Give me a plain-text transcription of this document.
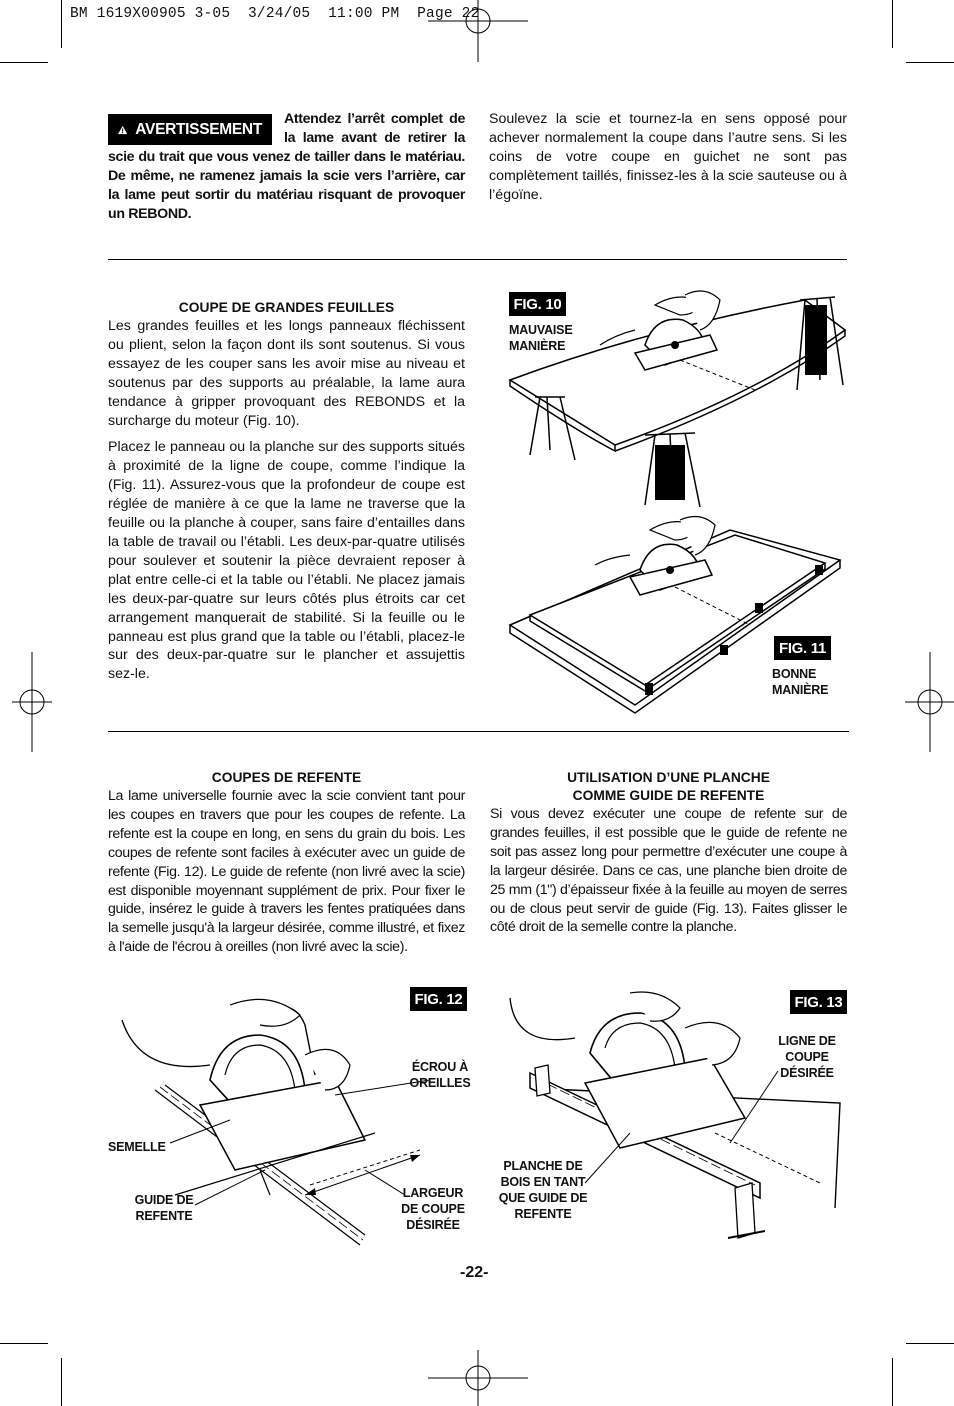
BM 1619X00905 3-05  3/24/05  11:00 PM  Page 22
AVERTISSEMENT

Attendez l’arrêt complet de la lame avant de retirer la scie du trait que vous venez de tailler dans le matériau. De même, ne ramenez jamais la scie vers l’arrière, car la lame peut sortir du matériau risquant de provoquer un REBOND.

Soulevez la scie et tournez-la en sens opposé pour achever normalement la coupe dans l’autre sens. Si les coins de votre coupe en guichet ne sont pas complètement taillés, finissez-les à la scie sauteuse ou à l’égoïne.

COUPE DE GRANDES FEUILLES

Les grandes feuilles et les longs panneaux fléchissent ou plient, selon la façon dont ils sont soutenus. Si vous essayez de les couper sans les avoir mise au niveau et soutenus par des supports au préalable, la lame aura tendance à gripper provoquant des REBONDS et la surcharge du moteur (Fig. 10).

Placez le panneau ou la planche sur des supports situés à proximité de la ligne de coupe, comme l’indique la (Fig. 11). Assurez-vous que la profondeur de coupe est réglée de manière à ce que la lame ne traverse que la feuille ou la planche à couper, sans faire d’entailles dans la table de travail ou l’établi. Les deux-par-quatre utilisés pour soulever et soutenir la pièce devraient reposer à plat entre celle-ci et la table ou l’établi. Ne placez jamais les deux-par-quatre sur leurs côtés plus étroits car cet arrangement manquerait de stabilité. Si la feuille ou le panneau est plus grand que la table ou l’établi, placez-le sur des deux-par-quatre sur le plancher et assujettis sez-le.

FIG. 10
MAUVAISE
MANIÈRE
FIG. 11
BONNE
MANIÈRE

COUPES DE REFENTE

La lame universelle fournie avec la scie convient tant pour les coupes en travers que pour les coupes de refente. La refente est la coupe en long, en sens du grain du bois. Les coupes de refente sont faciles à exécuter avec un guide de refente (Fig. 12). Le guide de refente (non livré avec la scie) est disponible moyennant supplément de prix. Pour fixer le guide, insérez le guide à travers les fentes pratiquées dans la semelle jusqu'à la largeur désirée, comme illustré, et fixez à l'aide de l'écrou à oreilles (non livré avec la scie).

UTILISATION D’UNE PLANCHE

COMME GUIDE DE REFENTE

Si vous devez exécuter une coupe de refente sur de grandes feuilles, il est possible que le guide de refente ne soit pas assez long pour permettre d’exécuter une coupe à la largeur désirée. Dans ce cas, une planche bien droite de 25 mm (1") d’épaisseur fixée à la feuille au moyen de serres ou de clous peut servir de guide (Fig. 13). Faites glisser le côté droit de la semelle contre la planche.

FIG. 12
ÉCROU À
OREILLES
SEMELLE
GUIDE DE
REFENTE
LARGEUR
DE COUPE
DÉSIRÉE
FIG. 13
LIGNE DE
COUPE
DÉSIRÉE
PLANCHE DE
BOIS EN TANT
QUE GUIDE DE
REFENTE
-22-
